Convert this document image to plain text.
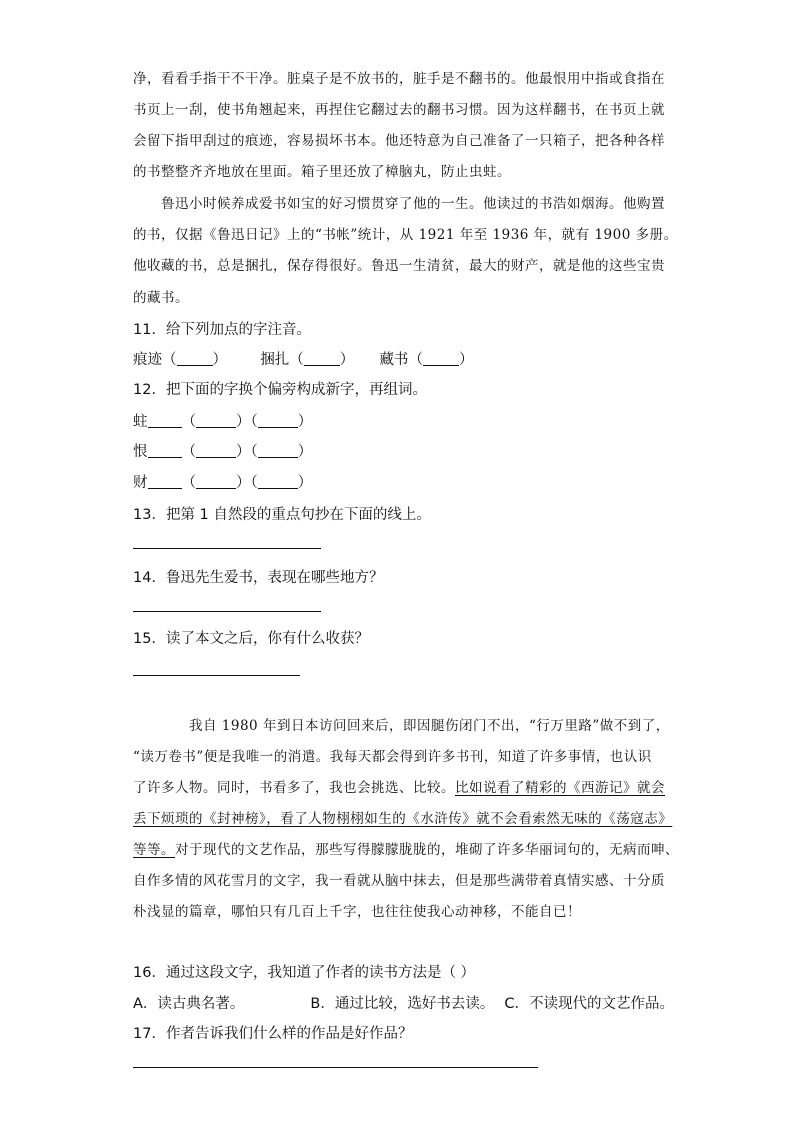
净，看看手指干不干净。脏桌子是不放书的，脏手是不翻书的。他最恨用中指或食指在
书页上一刮，使书角翘起来，再捏住它翻过去的翻书习惯。因为这样翻书，在书页上就
会留下指甲刮过的痕迹，容易损坏书本。他还特意为自己准备了一只箱子，把各种各样
的书整整齐齐地放在里面。箱子里还放了樟脑丸，防止虫蛀。
鲁迅小时候养成爱书如宝的好习惯贯穿了他的一生。他读过的书浩如烟海。他购置
的书，仅据《鲁迅日记》上的“书帐”统计，从 1921 年至 1936 年，就有 1900 多册。
他收藏的书，总是捆扎，保存得很好。鲁迅一生清贫，最大的财产，就是他的这些宝贵
的藏书。
11．给下列加点的字注音。
痕迹（ ） 捆扎（ ） 藏书（ ）
12．把下面的字换个偏旁构成新字，再组词。
蛀 （	）（	）
恨 （	）（	）
财 （	）（	）
13．把第 1 自然段的重点句抄在下面的线上。
14．鲁迅先生爱书，表现在哪些地方？
15．读了本文之后，你有什么收获？
我自 1980 年到日本访问回来后，即因腿伤闭门不出，“行万里路”做不到了，
“读万卷书”便是我唯一的消遣。我每天都会得到许多书刊，知道了许多事情，也认识
了许多人物。同时，书看多了，我也会挑选、比较。比如说看了精彩的《西游记》就会
丢下烦琐的《封神榜》，看了人物栩栩如生的《水浒传》就不会看索然无味的《荡寇志》
等等。对于现代的文艺作品，那些写得朦朦胧胧的，堆砌了许多华丽词句的，无病而呻、
自作多情的风花雪月的文字，我一看就从脑中抹去，但是那些满带着真情实感、十分质
朴浅显的篇章，哪怕只有几百上千字，也往往使我心动神移，不能自已！
16．通过这段文字，我知道了作者的读书方法是（ ）
A．读古典名著。	B．通过比较，选好书去读。 C．不读现代的文艺作品。
17．作者告诉我们什么样的作品是好作品？
